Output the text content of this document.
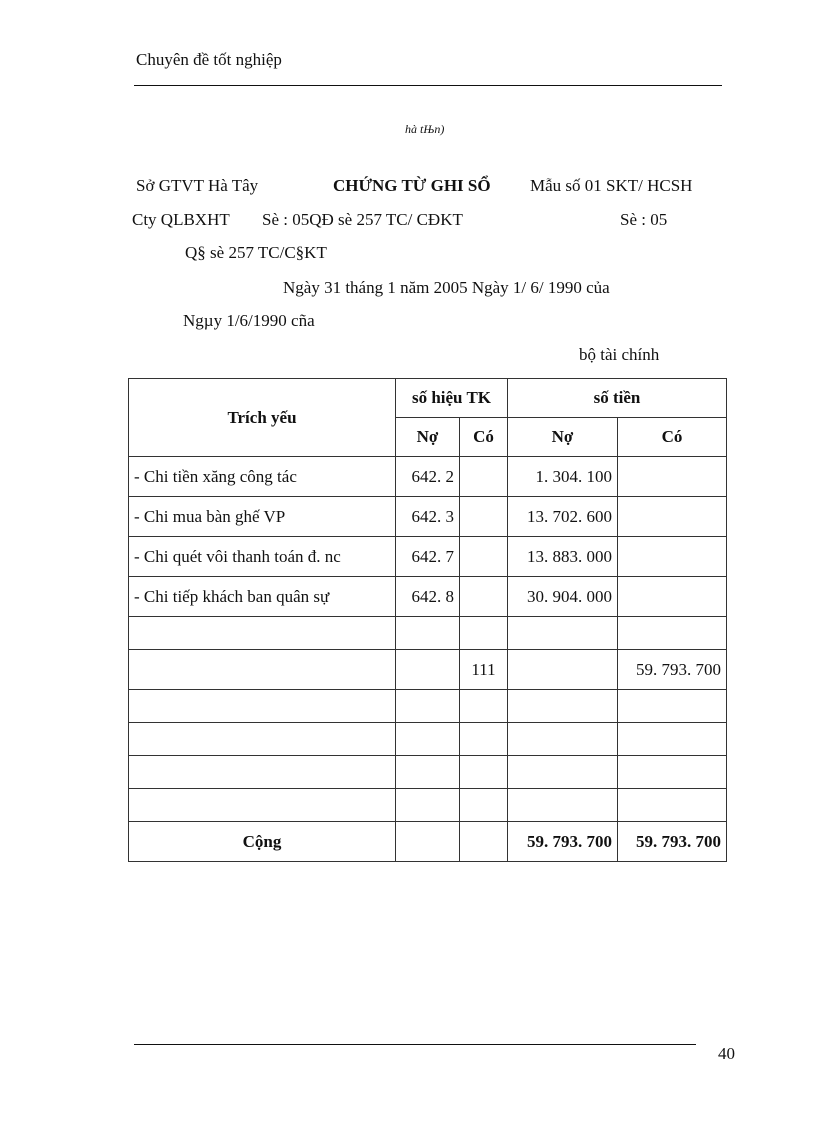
Chuyên đề tốt nghiệp
hà tЊn)
Sở GTVT Hà Tây	CHỨNG TỪ GHI SỔ Mẫu số 01 SKT/ HCSH
Cty QLBXHT Sè : 05QĐ sè 257 TC/ CĐKT	Sè : 05
Q§ sè 257 TC/C§KT
Ngày 31 tháng 1 năm 2005 Ngày 1/ 6/ 1990 của
Ngµy 1/6/1990 cña
bộ tài chính
Trích yếu	số hiệu TK		số tiền	
	Nợ	Có	Nợ	Có
- Chi tiền xăng công tác	642. 2		1. 304. 100	
- Chi mua bàn ghế VP	642. 3		13. 702. 600	
- Chi quét vôi thanh toán đ. nc	642. 7		13. 883. 000	
- Chi tiếp khách ban quân sự	642. 8		30. 904. 000	

		111		59. 793. 700

Cộng			59. 793. 700	59. 793. 700
40
